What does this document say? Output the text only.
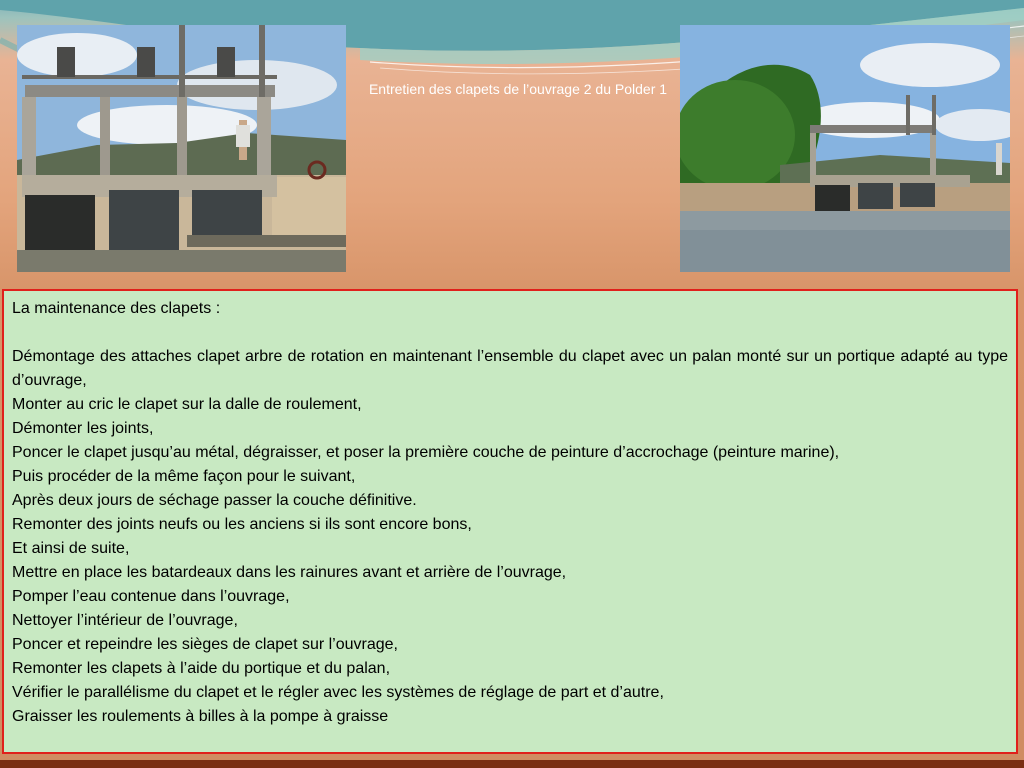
Entretien des clapets de l’ouvrage 2 du Polder 1

La maintenance des clapets :

Démontage des attaches clapet arbre de rotation en maintenant l’ensemble du clapet avec un palan monté sur un portique adapté au type d’ouvrage,

Monter au cric le clapet sur la dalle de roulement,

Démonter les joints,

Poncer le clapet jusqu’au métal, dégraisser, et poser la première couche de peinture d’accrochage (peinture marine),

Puis procéder de la même façon pour le suivant,

Après deux jours de séchage passer la couche définitive.

Remonter des joints neufs ou les anciens si ils sont encore bons,

Et ainsi de suite,

Mettre en place les batardeaux dans les rainures avant et arrière de l’ouvrage,

Pomper l’eau contenue dans l’ouvrage,

Nettoyer l’intérieur de l’ouvrage,

Poncer et repeindre les sièges de clapet sur l’ouvrage,

Remonter les clapets à l’aide du portique et du palan,

Vérifier le parallélisme du clapet et le régler avec les systèmes de réglage de part et d’autre,

Graisser les roulements à billes à la pompe à graisse
